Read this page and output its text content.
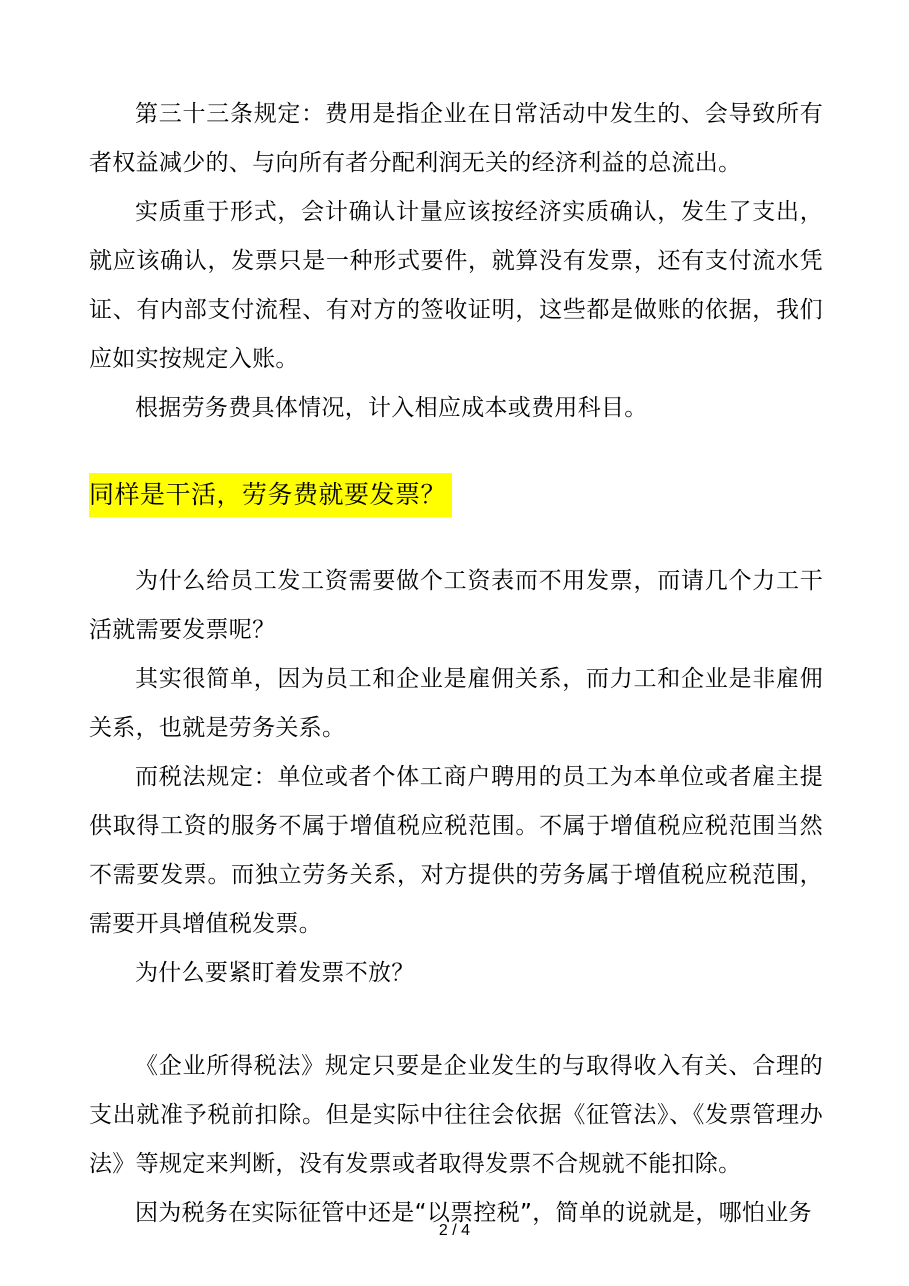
第三十三条规定：费用是指企业在日常活动中发生的、会导致所有者权益减少的、与向所有者分配利润无关的经济利益的总流出。

实质重于形式，会计确认计量应该按经济实质确认，发生了支出，就应该确认，发票只是一种形式要件，就算没有发票，还有支付流水凭证、有内部支付流程、有对方的签收证明，这些都是做账的依据，我们应如实按规定入账。

根据劳务费具体情况，计入相应成本或费用科目。

同样是干活，劳务费就要发票？

为什么给员工发工资需要做个工资表而不用发票，而请几个力工干活就需要发票呢？

其实很简单，因为员工和企业是雇佣关系，而力工和企业是非雇佣关系，也就是劳务关系。

而税法规定：单位或者个体工商户聘用的员工为本单位或者雇主提供取得工资的服务不属于增值税应税范围。不属于增值税应税范围当然不需要发票。而独立劳务关系，对方提供的劳务属于增值税应税范围，需要开具增值税发票。

为什么要紧盯着发票不放？

《企业所得税法》规定只要是企业发生的与取得收入有关、合理的支出就准予税前扣除。但是实际中往往会依据《征管法》、《发票管理办法》等规定来判断，没有发票或者取得发票不合规就不能扣除。

因为税务在实际征管中还是“以票控税”，简单的说就是，哪怕业务

2 / 4
